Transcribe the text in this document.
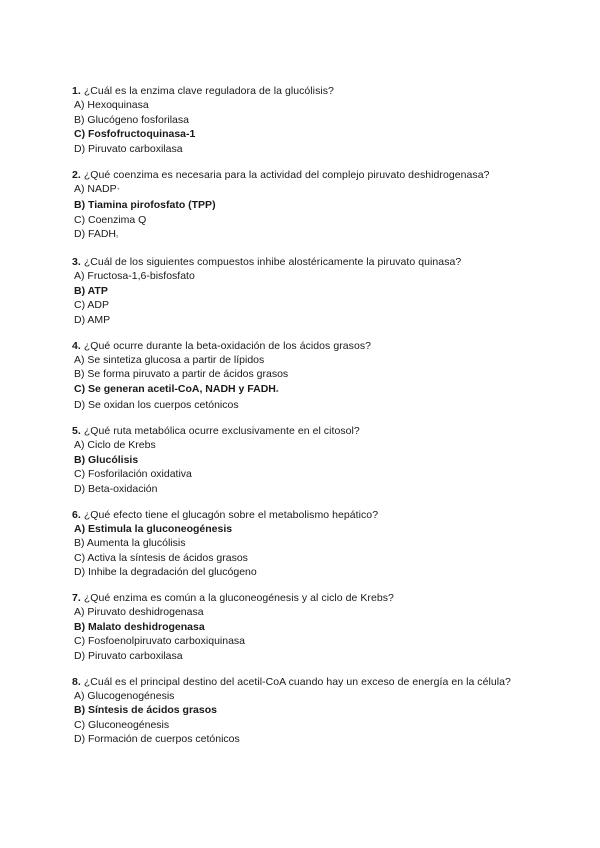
1. ¿Cuál es la enzima clave reguladora de la glucólisis?
A) Hexoquinasa
B) Glucógeno fosforilasa
C) Fosfofructoquinasa-1
D) Piruvato carboxilasa
2. ¿Qué coenzima es necesaria para la actividad del complejo piruvato deshidrogenasa?
A) NADP⁺
B) Tiamina pirofosfato (TPP)
C) Coenzima Q
D) FADH₂
3. ¿Cuál de los siguientes compuestos inhibe alostéricamente la piruvato quinasa?
A) Fructosa-1,6-bisfosfato
B) ATP
C) ADP
D) AMP
4. ¿Qué ocurre durante la beta-oxidación de los ácidos grasos?
A) Se sintetiza glucosa a partir de lípidos
B) Se forma piruvato a partir de ácidos grasos
C) Se generan acetil-CoA, NADH y FADH₂
D) Se oxidan los cuerpos cetónicos
5. ¿Qué ruta metabólica ocurre exclusivamente en el citosol?
A) Ciclo de Krebs
B) Glucólisis
C) Fosforilación oxidativa
D) Beta-oxidación
6. ¿Qué efecto tiene el glucagón sobre el metabolismo hepático?
A) Estimula la gluconeogénesis
B) Aumenta la glucólisis
C) Activa la síntesis de ácidos grasos
D) Inhibe la degradación del glucógeno
7. ¿Qué enzima es común a la gluconeogénesis y al ciclo de Krebs?
A) Piruvato deshidrogenasa
B) Malato deshidrogenasa
C) Fosfoenolpiruvato carboxiquinasa
D) Piruvato carboxilasa
8. ¿Cuál es el principal destino del acetil-CoA cuando hay un exceso de energía en la célula?
A) Glucogenogénesis
B) Síntesis de ácidos grasos
C) Gluconeogénesis
D) Formación de cuerpos cetónicos
